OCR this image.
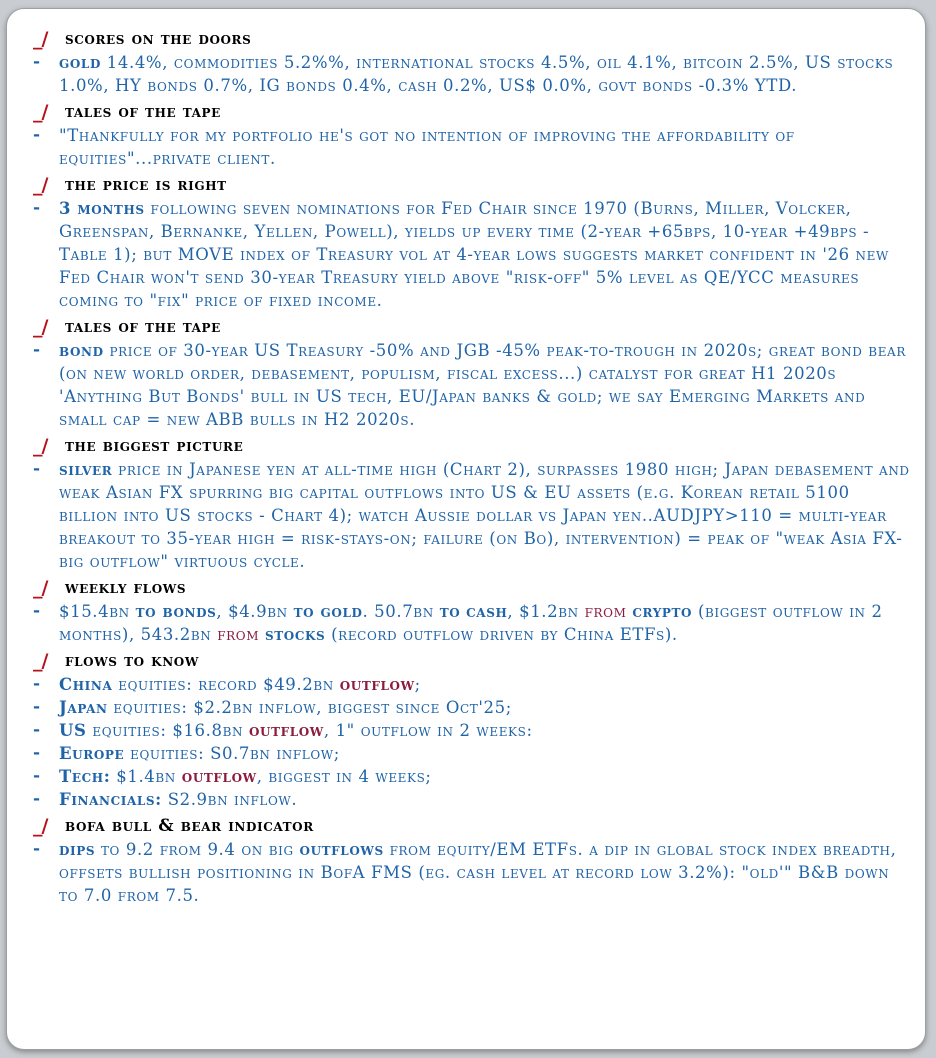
_/	scores on the doors
-	gold 14.4%, commodities 5.2%%, international stocks 4.5%, oil 4.1%, bitcoin 2.5%, US stocks 1.0%, HY bonds 0.7%, IG bonds 0.4%, cash 0.2%, US$ 0.0%, govt bonds -0.3% YTD.
_/	tales of the tape
-	"Thankfully for my portfolio he's got no intention of improving the affordability of equities"...private client.
_/	the price is right
-	3 months following seven nominations for Fed Chair since 1970 (Burns, Miller, Volcker, Greenspan, Bernanke, Yellen, Powell), yields up every time (2-year +65bps, 10-year +49bps - Table 1); but MOVE index of Treasury vol at 4-year lows suggests market confident in '26 new Fed Chair won't send 30-year Treasury yield above "risk-off" 5% level as QE/YCC measures coming to "fix" price of fixed income.
_/	tales of the tape
-	bond price of 30-year US Treasury -50% and JGB -45% peak-to-trough in 2020s; great bond bear (on new world order, debasement, populism, fiscal excess...) catalyst for great H1 2020s 'Anything But Bonds' bull in US tech, EU/Japan banks & gold; we say Emerging Markets and small cap = new ABB bulls in H2 2020s.
_/	the biggest picture
-	silver price in Japanese yen at all-time high (Chart 2), surpasses 1980 high; Japan debasement and weak Asian FX spurring big capital outflows into US & EU assets (e.g. Korean retail 5100 billion into US stocks - Chart 4); watch Aussie dollar vs Japan yen..AUDJPY>110 = multi-year breakout to 35-year high = risk-stays-on; failure (on Bo), intervention) = peak of "weak Asia FX-big outflow" virtuous cycle.
_/	weekly flows
-	$15.4bn to bonds, $4.9bn to gold. 50.7bn to cash, $1.2bn from crypto (biggest outflow in 2 months), 543.2bn from stocks (record outflow driven by China ETFs).
_/	flows to know
-	China equities: record $49.2bn outflow;
-	Japan equities: $2.2bn inflow, biggest since Oct'25;
-	US equities: $16.8bn outflow, 1" outflow in 2 weeks:
-	Europe equities: S0.7bn inflow;
-	Tech: $1.4bn outflow, biggest in 4 weeks;
-	Financials: S2.9bn inflow.
_/	bofa bull & bear indicator
-	dips to 9.2 from 9.4 on big outflows from equity/EM ETFs. a dip in global stock index breadth, offsets bullish positioning in BofA FMS (eg. cash level at record low 3.2%): "old'" B&B down to 7.0 from 7.5.
